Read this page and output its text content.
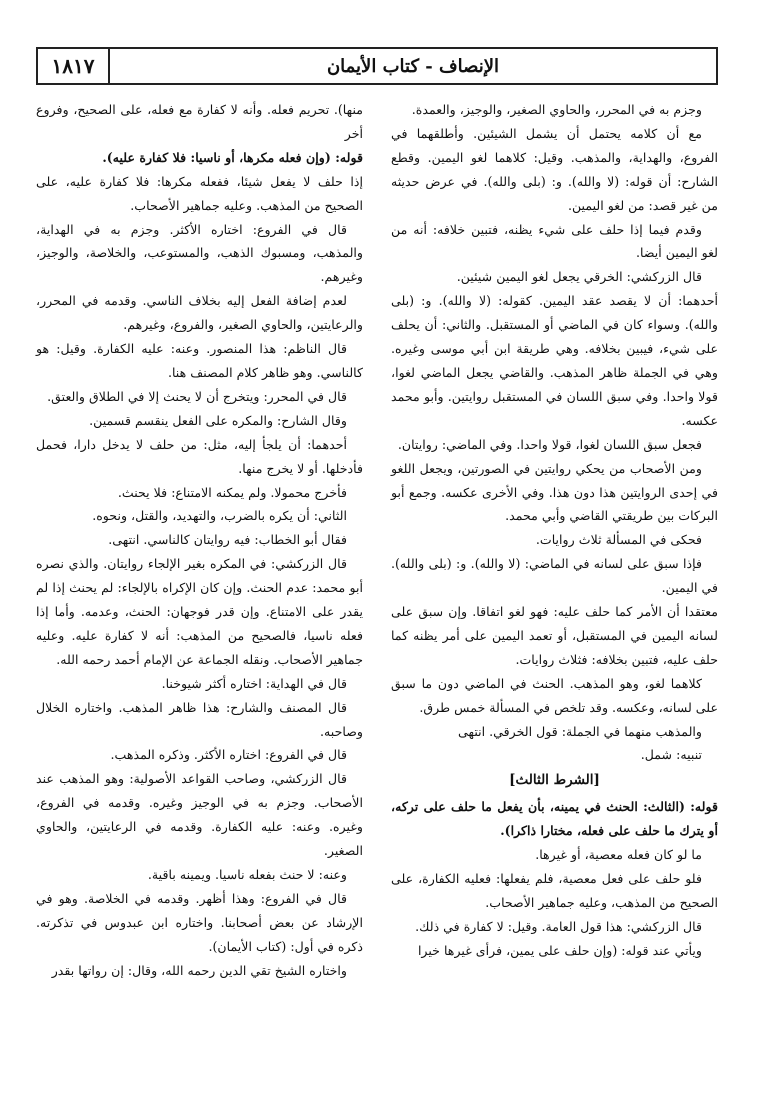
١٨١٧	الإنصاف - كتاب الأيمان

وجزم به في المحرر، والحاوي الصغير، والوجيز، والعمدة.

مع أن كلامه يحتمل أن يشمل الشيئين. وأطلقهما في الفروع، والهداية، والمذهب. وقيل: كلاهما لغو اليمين. وقطع الشارح: أن قوله: (لا والله). و: (بلى والله). في عرض حديثه من غير قصد: من لغو اليمين.

وقدم فيما إذا حلف على شيء يظنه، فتبين خلافه: أنه من لغو اليمين أيضا.

قال الزركشي: الخرقي يجعل لغو اليمين شيئين.

أحدهما: أن لا يقصد عقد اليمين. كقوله: (لا والله). و: (بلى والله). وسواء كان في الماضي أو المستقبل. والثاني: أن يحلف على شيء، فيبين بخلافه. وهي طريقة ابن أبي موسى وغيره. وهي في الجملة ظاهر المذهب. والقاضي يجعل الماضي لغوا، قولا واحدا. وفي سبق اللسان في المستقبل روايتين. وأبو محمد عكسه.

فجعل سبق اللسان لغوا، قولا واحدا. وفي الماضي: روايتان.

ومن الأصحاب من يحكي روايتين في الصورتين، ويجعل اللغو في إحدى الروايتين هذا دون هذا. وفي الأخرى عكسه. وجمع أبو البركات بين طريقتي القاضي وأبي محمد.

فحكى في المسألة ثلاث روايات.

فإذا سبق على لسانه في الماضي: (لا والله). و: (بلى والله). في اليمين.

معتقدا أن الأمر كما حلف عليه: فهو لغو اتفاقا. وإن سبق على لسانه اليمين في المستقبل، أو تعمد اليمين على أمر يظنه كما حلف عليه، فتبين بخلافه: فثلاث روايات.

كلاهما لغو، وهو المذهب. الحنث في الماضي دون ما سبق على لسانه، وعكسه. وقد تلخص في المسألة خمس طرق.

والمذهب منهما في الجملة: قول الخرقي. انتهى

تنبيه: شمل.

[الشرط الثالث]

قوله: (الثالث: الحنث في يمينه، بأن يفعل ما حلف على تركه، أو يترك ما حلف على فعله، مختارا ذاكرا).

ما لو كان فعله معصية، أو غيرها.

فلو حلف على فعل معصية، فلم يفعلها: فعليه الكفارة، على الصحيح من المذهب، وعليه جماهير الأصحاب.

قال الزركشي: هذا قول العامة. وقيل: لا كفارة في ذلك.

ويأتي عند قوله: (وإن حلف على يمين، فرأى غيرها خيرا

منها). تحريم فعله. وأنه لا كفارة مع فعله، على الصحيح، وفروع أخر

قوله: (وإن فعله مكرها، أو ناسيا: فلا كفارة عليه).

إذا حلف لا يفعل شيئا، ففعله مكرها: فلا كفارة عليه، على الصحيح من المذهب. وعليه جماهير الأصحاب.

قال في الفروع: اختاره الأكثر. وجزم به في الهداية، والمذهب، ومسبوك الذهب، والمستوعب، والخلاصة، والوجيز، وغيرهم.

لعدم إضافة الفعل إليه بخلاف الناسي. وقدمه في المحرر، والرعايتين، والحاوي الصغير، والفروع، وغيرهم.

قال الناظم: هذا المنصور. وعنه: عليه الكفارة. وقيل: هو كالناسي. وهو ظاهر كلام المصنف هنا.

قال في المحرر: ويتخرج أن لا يحنث إلا في الطلاق والعتق.

وقال الشارح: والمكره على الفعل ينقسم قسمين.

أحدهما: أن يلجأ إليه، مثل: من حلف لا يدخل دارا، فحمل فأدخلها. أو لا يخرج منها.

فأخرج محمولا. ولم يمكنه الامتناع: فلا يحنث.

الثاني: أن يكره بالضرب، والتهديد، والقتل، ونحوه.

فقال أبو الخطاب: فيه روايتان كالناسي. انتهى.

قال الزركشي: في المكره بغير الإلجاء روايتان. والذي نصره أبو محمد: عدم الحنث. وإن كان الإكراه بالإلجاء: لم يحنث إذا لم يقدر على الامتناع. وإن قدر فوجهان: الحنث، وعدمه. وأما إذا فعله ناسيا، فالصحيح من المذهب: أنه لا كفارة عليه. وعليه جماهير الأصحاب. ونقله الجماعة عن الإمام أحمد رحمه الله.

قال في الهداية: اختاره أكثر شيوخنا.

قال المصنف والشارح: هذا ظاهر المذهب. واختاره الخلال وصاحبه.

قال في الفروع: اختاره الأكثر. وذكره المذهب.

قال الزركشي، وصاحب القواعد الأصولية: وهو المذهب عند الأصحاب. وجزم به في الوجيز وغيره. وقدمه في الفروع، وغيره. وعنه: عليه الكفارة. وقدمه في الرعايتين، والحاوي الصغير.

وعنه: لا حنث بفعله ناسيا. ويمينه باقية.

قال في الفروع: وهذا أظهر. وقدمه في الخلاصة. وهو في الإرشاد عن بعض أصحابنا. واختاره ابن عبدوس في تذكرته. ذكره في أول: (كتاب الأيمان).

واختاره الشيخ تقي الدين رحمه الله، وقال: إن رواتها بقدر
